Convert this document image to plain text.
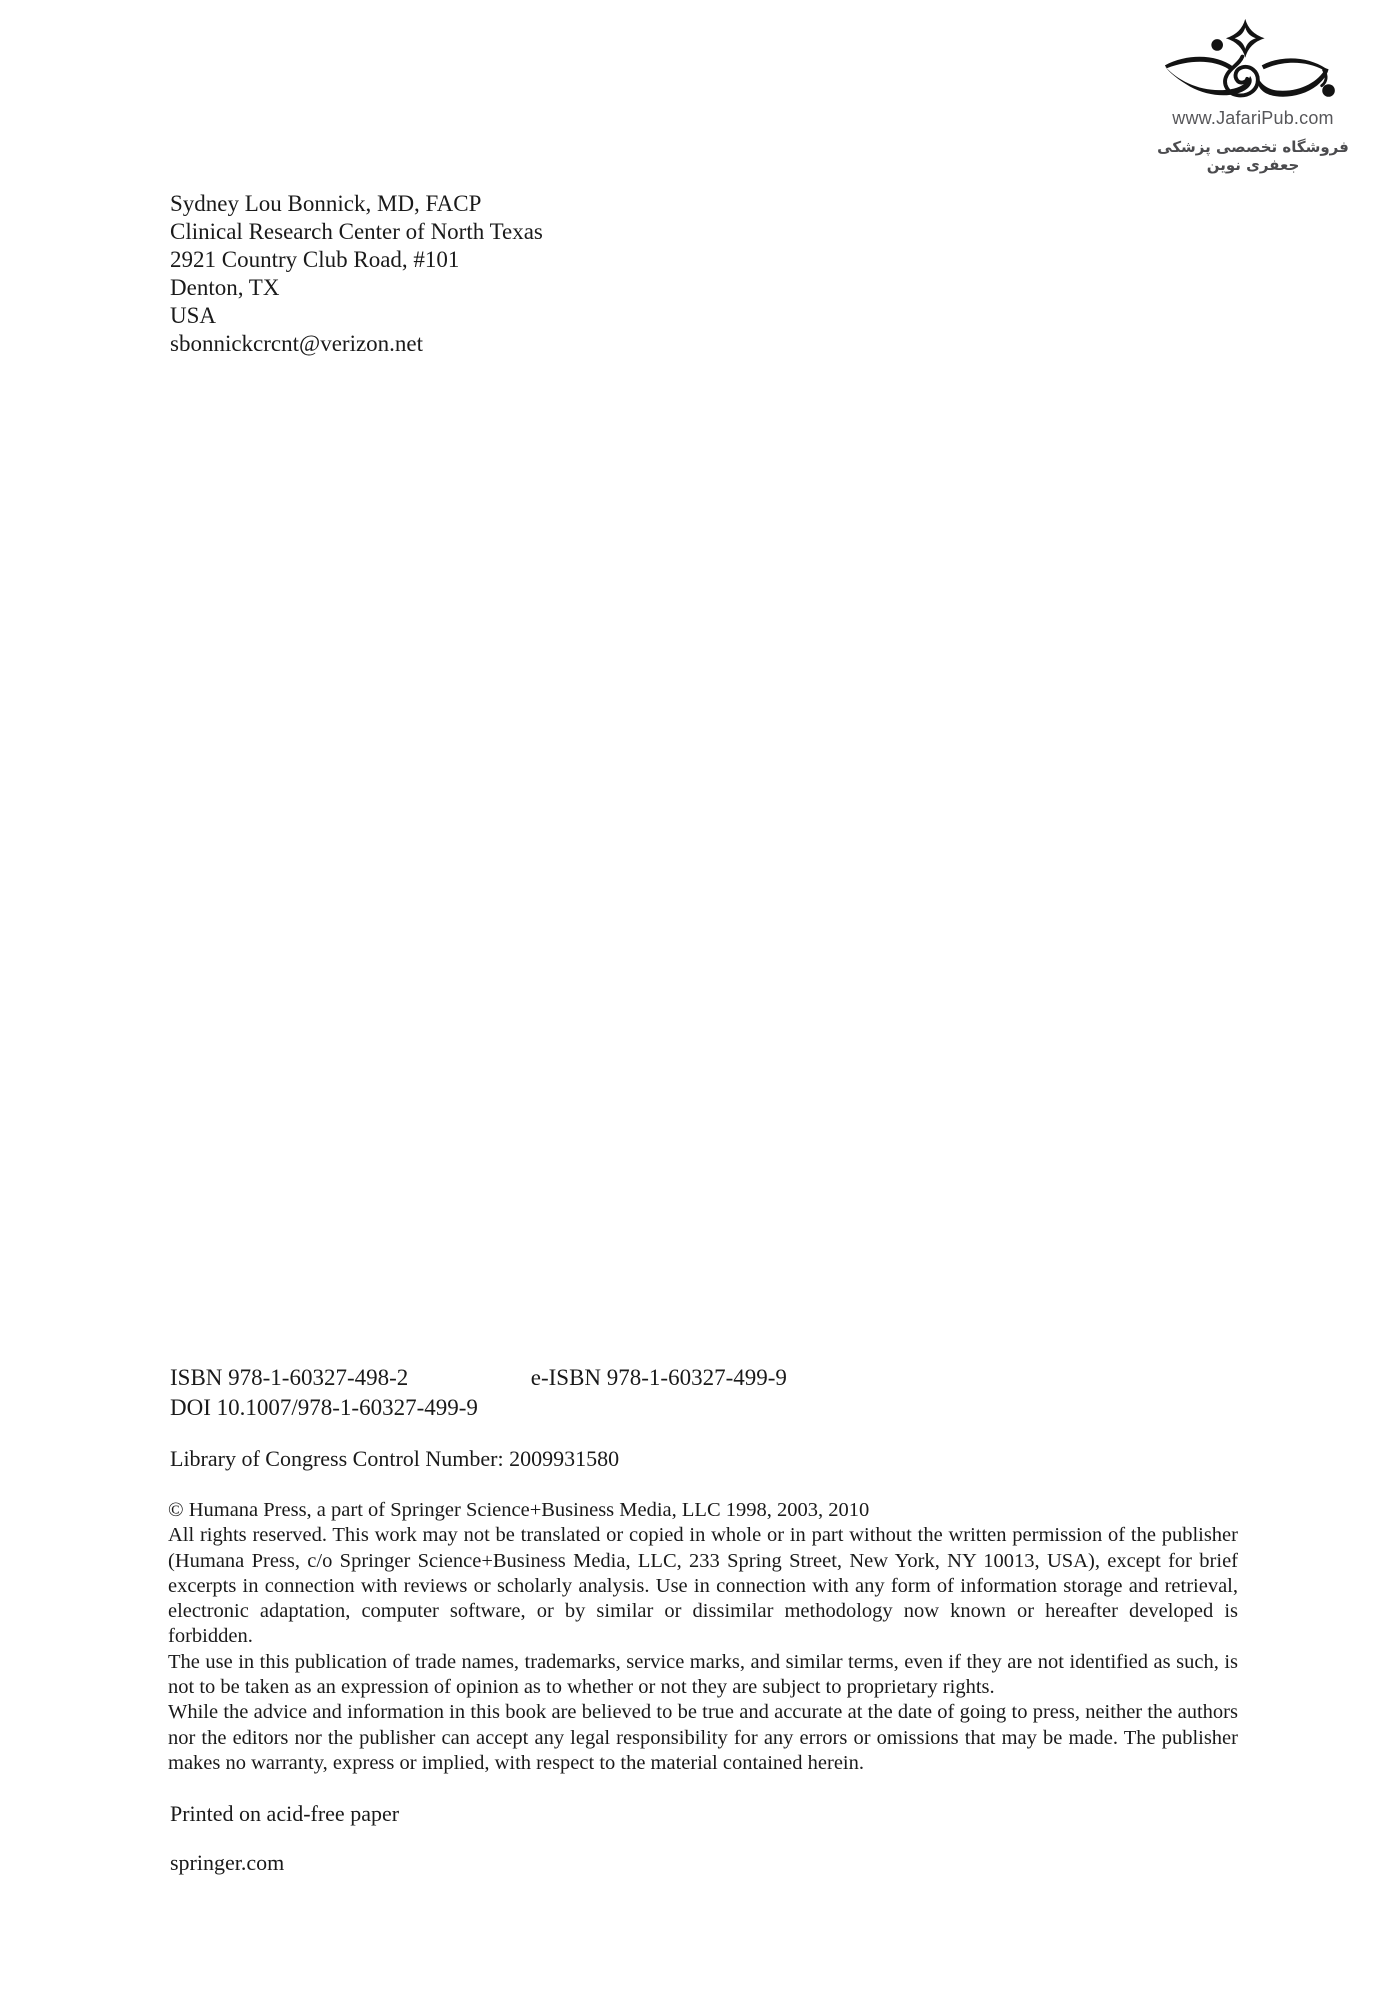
www.JafariPub.com
فروشگاه تخصصی پزشکی جعفری نوین
Sydney Lou Bonnick, MD, FACP
Clinical Research Center of North Texas
2921 Country Club Road, #101
Denton, TX
USA
sbonnickcrcnt@verizon.net
ISBN 978-1-60327-498-2	e-ISBN 978-1-60327-499-9
DOI 10.1007/978-1-60327-499-9
Library of Congress Control Number: 2009931580

© Humana Press, a part of Springer Science+Business Media, LLC 1998, 2003, 2010

All rights reserved. This work may not be translated or copied in whole or in part without the written permission of the publisher (Humana Press, c/o Springer Science+Business Media, LLC, 233 Spring Street, New York, NY 10013, USA), except for brief excerpts in connection with reviews or scholarly analysis. Use in connection with any form of information storage and retrieval, electronic adaptation, computer software, or by similar or dissimilar methodology now known or hereafter developed is forbidden.

The use in this publication of trade names, trademarks, service marks, and similar terms, even if they are not identified as such, is not to be taken as an expression of opinion as to whether or not they are subject to proprietary rights.

While the advice and information in this book are believed to be true and accurate at the date of going to press, neither the authors nor the editors nor the publisher can accept any legal responsibility for any errors or omissions that may be made. The publisher makes no warranty, express or implied, with respect to the material contained herein.

Printed on acid-free paper
springer.com
